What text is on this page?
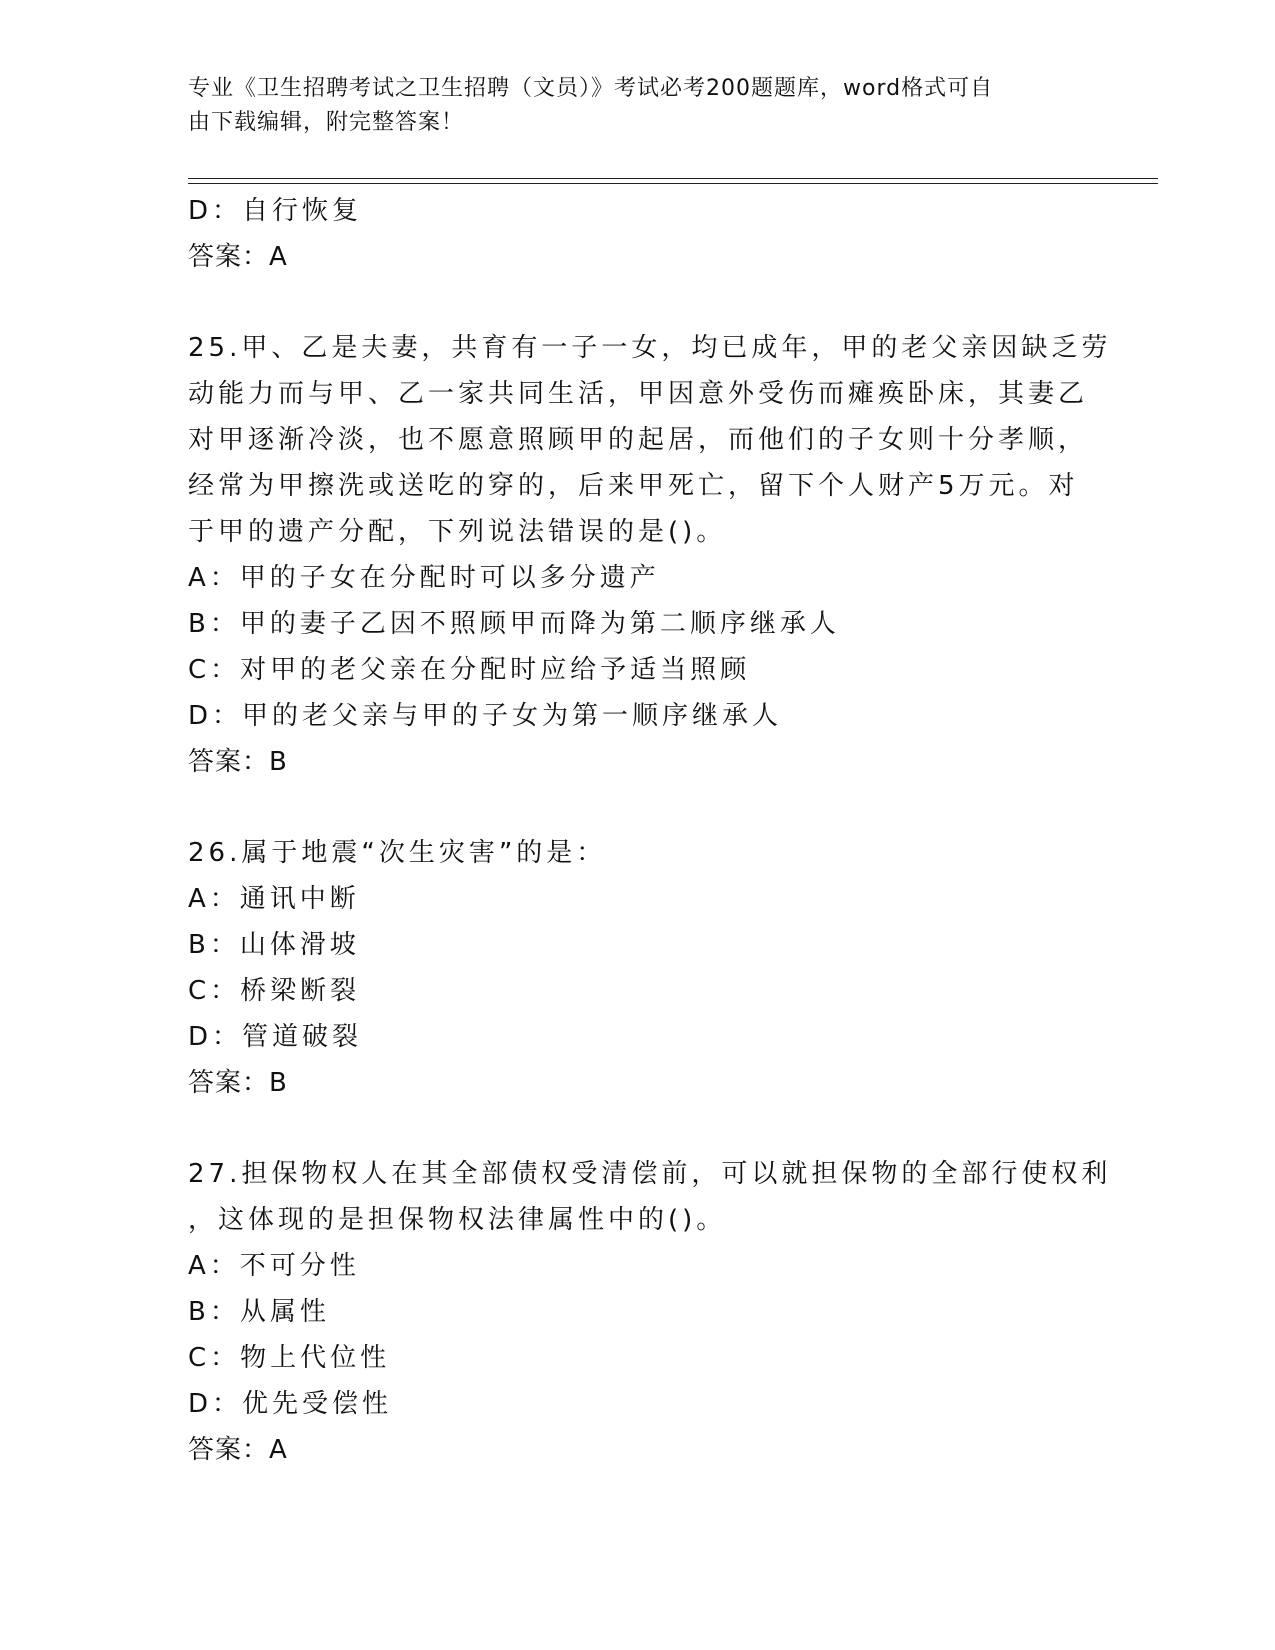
专业《卫生招聘考试之卫生招聘（文员）》考试必考200题题库，word格式可自
由下载编辑，附完整答案！
D：自行恢复
答案：A
25.甲、乙是夫妻，共育有一子一女，均已成年，甲的老父亲因缺乏劳
动能力而与甲、乙一家共同生活，甲因意外受伤而瘫痪卧床，其妻乙
对甲逐渐冷淡，也不愿意照顾甲的起居，而他们的子女则十分孝顺，
经常为甲擦洗或送吃的穿的，后来甲死亡，留下个人财产5万元。对
于甲的遗产分配，下列说法错误的是()。
A：甲的子女在分配时可以多分遗产
B：甲的妻子乙因不照顾甲而降为第二顺序继承人
C：对甲的老父亲在分配时应给予适当照顾
D：甲的老父亲与甲的子女为第一顺序继承人
答案：B
26.属于地震“次生灾害”的是：
A：通讯中断
B：山体滑坡
C：桥梁断裂
D：管道破裂
答案：B
27.担保物权人在其全部债权受清偿前，可以就担保物的全部行使权利
，这体现的是担保物权法律属性中的()。
A：不可分性
B：从属性
C：物上代位性
D：优先受偿性
答案：A
